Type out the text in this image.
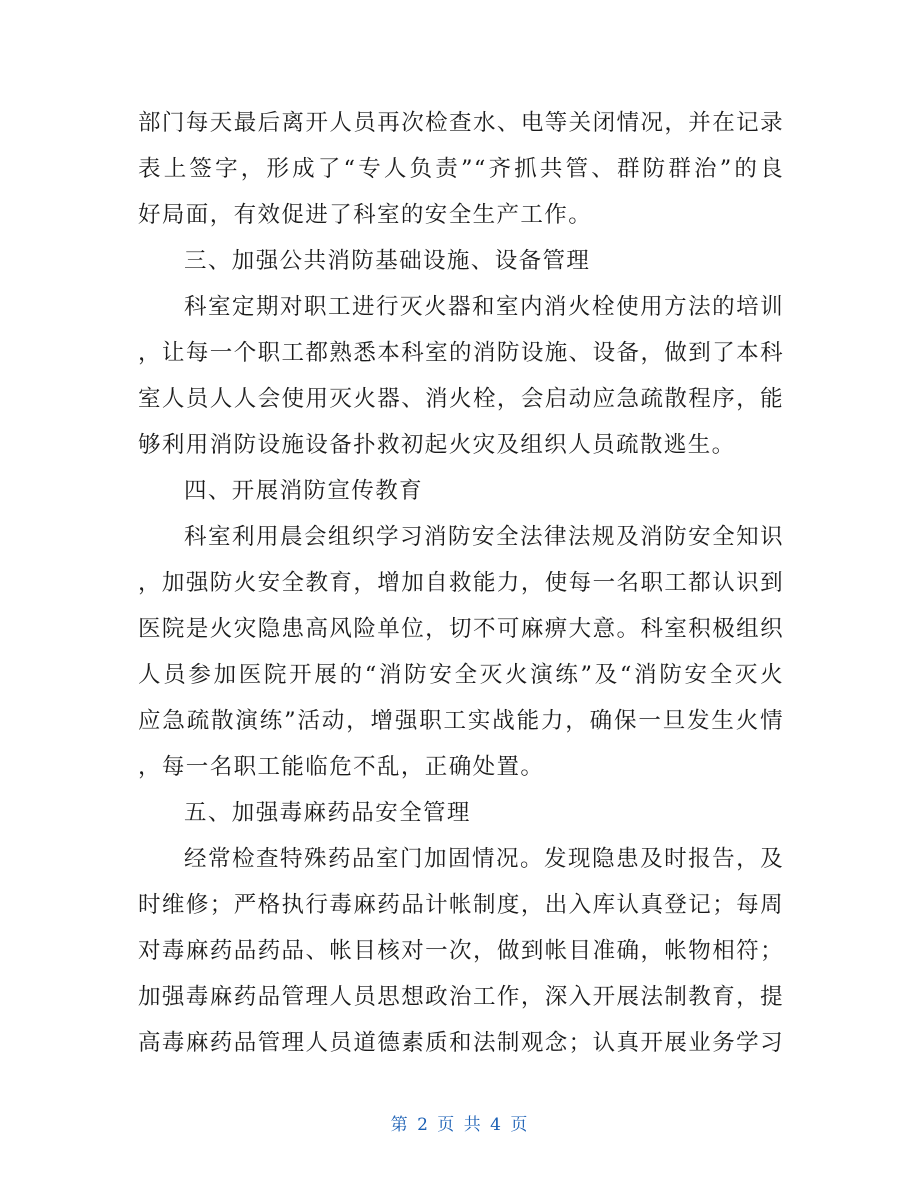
部门每天最后离开人员再次检查水、电等关闭情况，并在记录
表上签字，形成了“专人负责”“齐抓共管、群防群治”的良
好局面，有效促进了科室的安全生产工作。
三、加强公共消防基础设施、设备管理
科室定期对职工进行灭火器和室内消火栓使用方法的培训
，让每一个职工都熟悉本科室的消防设施、设备，做到了本科
室人员人人会使用灭火器、消火栓，会启动应急疏散程序，能
够利用消防设施设备扑救初起火灾及组织人员疏散逃生。
四、开展消防宣传教育
科室利用晨会组织学习消防安全法律法规及消防安全知识
，加强防火安全教育，增加自救能力，使每一名职工都认识到
医院是火灾隐患高风险单位，切不可麻痹大意。科室积极组织
人员参加医院开展的“消防安全灭火演练”及“消防安全灭火
应急疏散演练”活动，增强职工实战能力，确保一旦发生火情
，每一名职工能临危不乱，正确处置。
五、加强毒麻药品安全管理
经常检查特殊药品室门加固情况。发现隐患及时报告，及
时维修；严格执行毒麻药品计帐制度，出入库认真登记；每周
对毒麻药品药品、帐目核对一次，做到帐目准确，帐物相符；
加强毒麻药品管理人员思想政治工作，深入开展法制教育，提
高毒麻药品管理人员道德素质和法制观念；认真开展业务学习
第 2 页 共 4 页
